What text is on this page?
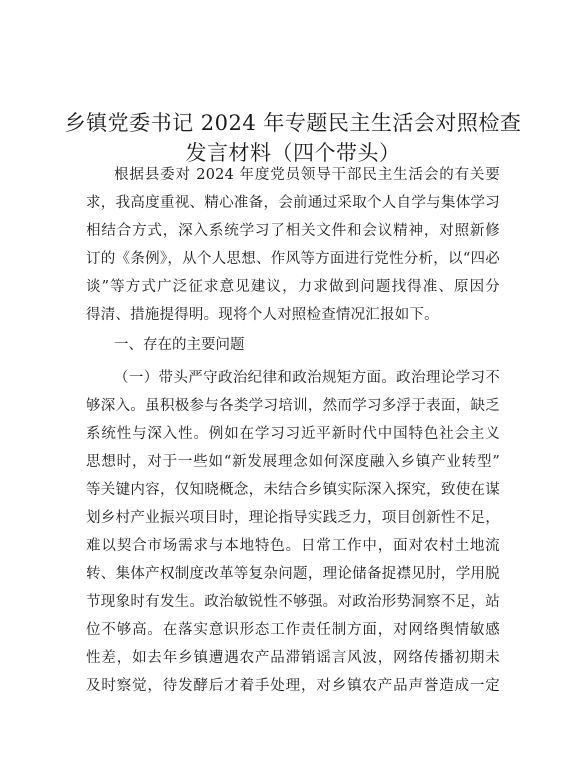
乡镇党委书记 2024 年专题民主生活会对照检查
发言材料（四个带头）
根据县委对 2024 年度党员领导干部民主生活会的有关要
求，我高度重视、精心准备，会前通过采取个人自学与集体学习
相结合方式，深入系统学习了相关文件和会议精神，对照新修
订的《条例》，从个人思想、作风等方面进行党性分析，以“四必
谈”等方式广泛征求意见建议，力求做到问题找得准、原因分
得清、措施提得明。现将个人对照检查情况汇报如下。
一、存在的主要问题
（一）带头严守政治纪律和政治规矩方面。政治理论学习不
够深入。虽积极参与各类学习培训，然而学习多浮于表面，缺乏
系统性与深入性。例如在学习习近平新时代中国特色社会主义
思想时，对于一些如“新发展理念如何深度融入乡镇产业转型”
等关键内容，仅知晓概念，未结合乡镇实际深入探究，致使在谋
划乡村产业振兴项目时，理论指导实践乏力，项目创新性不足，
难以契合市场需求与本地特色。日常工作中，面对农村土地流
转、集体产权制度改革等复杂问题，理论储备捉襟见肘，学用脱
节现象时有发生。政治敏锐性不够强。对政治形势洞察不足，站
位不够高。在落实意识形态工作责任制方面，对网络舆情敏感
性差，如去年乡镇遭遇农产品滞销谣言风波，网络传播初期未
及时察觉，待发酵后才着手处理，对乡镇农产品声誉造成一定
